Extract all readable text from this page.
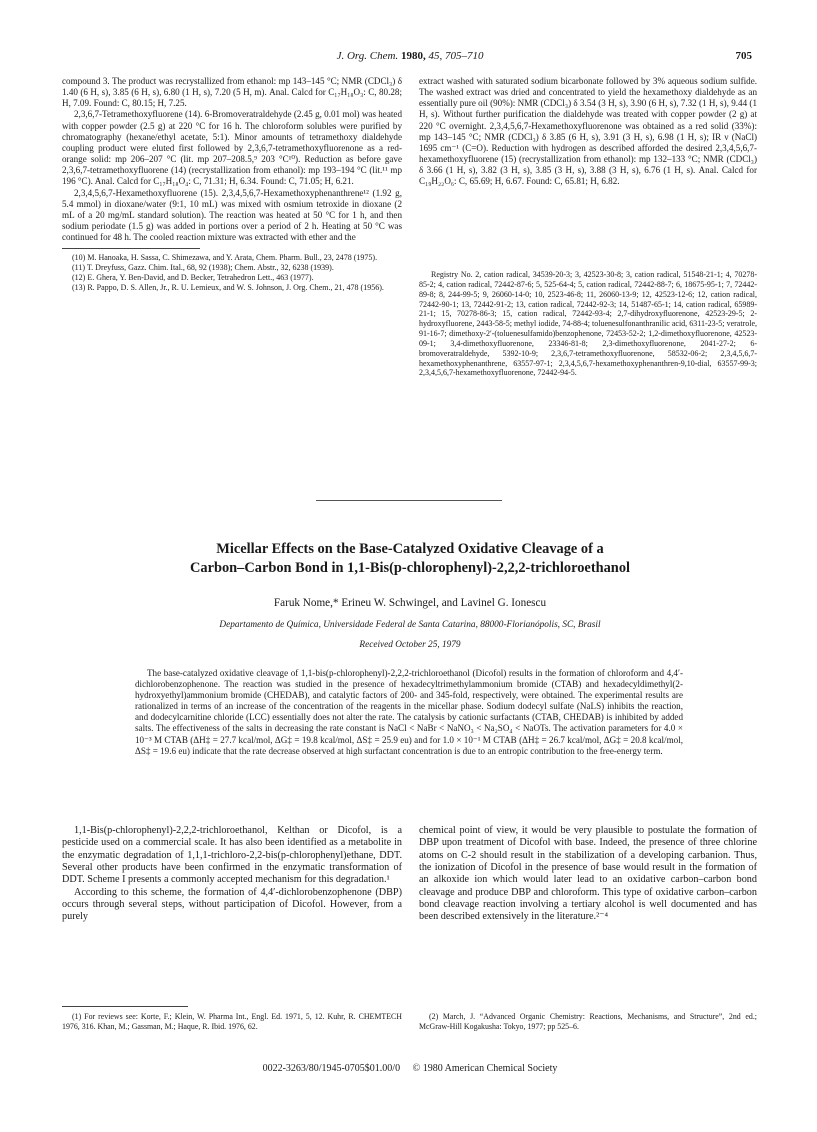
J. Org. Chem. 1980, 45, 705–710	705

compound 3. The product was recrystallized from ethanol: mp 143–145 °C; NMR (CDCl₃) δ 1.40 (6 H, s), 3.85 (6 H, s), 6.80 (1 H, s), 7.20 (5 H, m). Anal. Calcd for C₁₇H₁₈O₃: C, 80.28; H, 7.09. Found: C, 80.15; H, 7.25.

2,3,6,7-Tetramethoxyfluorene (14). 6-Bromoveratraldehyde (2.45 g, 0.01 mol) was heated with copper powder (2.5 g) at 220 °C for 16 h. The chloroform solubles were purified by chromatography (hexane/ethyl acetate, 5:1). Minor amounts of tetramethoxy dialdehyde coupling product were eluted first followed by 2,3,6,7-tetramethoxyfluorenone as a red-orange solid: mp 206–207 °C (lit. mp 207–208.5,⁹ 203 °C¹⁰). Reduction as before gave 2,3,6,7-tetramethoxyfluorene (14) (recrystallization from ethanol): mp 193–194 °C (lit.¹¹ mp 196 °C). Anal. Calcd for C₁₇H₁₈O₄: C, 71.31; H, 6.34. Found: C, 71.05; H, 6.21.

2,3,4,5,6,7-Hexamethoxyfluorene (15). 2,3,4,5,6,7-Hexamethoxyphenanthrene¹² (1.92 g, 5.4 mmol) in dioxane/water (9:1, 10 mL) was mixed with osmium tetroxide in dioxane (2 mL of a 20 mg/mL standard solution). The reaction was heated at 50 °C for 1 h, and then sodium periodate (1.5 g) was added in portions over a period of 2 h. Heating at 50 °C was continued for 48 h. The cooled reaction mixture was extracted with ether and the

(10) M. Hanoaka, H. Sassa, C. Shimezawa, and Y. Arata, Chem. Pharm. Bull., 23, 2478 (1975).
(11) T. Dreyfuss, Gazz. Chim. Ital., 68, 92 (1938); Chem. Abstr., 32, 6238 (1939).
(12) E. Ghera, Y. Ben-David, and D. Becker, Tetrahedron Lett., 463 (1977).
(13) R. Pappo, D. S. Allen, Jr., R. U. Lemieux, and W. S. Johnson, J. Org. Chem., 21, 478 (1956).

extract washed with saturated sodium bicarbonate followed by 3% aqueous sodium sulfide. The washed extract was dried and concentrated to yield the hexamethoxy dialdehyde as an essentially pure oil (90%): NMR (CDCl₃) δ 3.54 (3 H, s), 3.90 (6 H, s), 7.32 (1 H, s), 9.44 (1 H, s). Without further purification the dialdehyde was treated with copper powder (2 g) at 220 °C overnight. 2,3,4,5,6,7-Hexamethoxyfluorenone was obtained as a red solid (33%): mp 143–145 °C; NMR (CDCl₃) δ 3.85 (6 H, s), 3.91 (3 H, s), 6.98 (1 H, s); IR ν (NaCl) 1695 cm⁻¹ (C=O). Reduction with hydrogen as described afforded the desired 2,3,4,5,6,7-hexamethoxyfluorene (15) (recrystallization from ethanol): mp 132–133 °C; NMR (CDCl₃) δ 3.66 (1 H, s), 3.82 (3 H, s), 3.85 (3 H, s), 3.88 (3 H, s), 6.76 (1 H, s). Anal. Calcd for C₁₉H₂₂O₆: C, 65.69; H, 6.67. Found: C, 65.81; H, 6.82.

Registry No. 2, cation radical, 34539-20-3; 3, 42523-30-8; 3, cation radical, 51548-21-1; 4, 70278-85-2; 4, cation radical, 72442-87-6; 5, 525-64-4; 5, cation radical, 72442-88-7; 6, 18675-95-1; 7, 72442-89-8; 8, 244-99-5; 9, 26060-14-0; 10, 2523-46-8; 11, 26060-13-9; 12, 42523-12-6; 12, cation radical, 72442-90-1; 13, 72442-91-2; 13, cation radical, 72442-92-3; 14, 51487-65-1; 14, cation radical, 65989-21-1; 15, 70278-86-3; 15, cation radical, 72442-93-4; 2,7-dihydroxyfluorenone, 42523-29-5; 2-hydroxyfluorene, 2443-58-5; methyl iodide, 74-88-4; toluenesulfonanthranilic acid, 6311-23-5; veratrole, 91-16-7; dimethoxy-2′-(toluenesulfamido)benzophenone, 72453-52-2; 1,2-dimethoxyfluorenone, 42523-09-1; 3,4-dimethoxyfluorenone, 23346-81-8; 2,3-dimethoxyfluorenone, 2041-27-2; 6-bromoveratraldehyde, 5392-10-9; 2,3,6,7-tetramethoxyfluorenone, 58532-06-2; 2,3,4,5,6,7-hexamethoxyphenanthrene, 63557-97-1; 2,3,4,5,6,7-hexamethoxyphenanthren-9,10-dial, 63557-99-3; 2,3,4,5,6,7-hexamethoxyfluorenone, 72442-94-5.
Micellar Effects on the Base-Catalyzed Oxidative Cleavage of a
Carbon–Carbon Bond in 1,1-Bis(p-chlorophenyl)-2,2,2-trichloroethanol
Faruk Nome,* Erineu W. Schwingel, and Lavinel G. Ionescu
Departamento de Química, Universidade Federal de Santa Catarina, 88000-Florianópolis, SC, Brasil
Received October 25, 1979
The base-catalyzed oxidative cleavage of 1,1-bis(p-chlorophenyl)-2,2,2-trichloroethanol (Dicofol) results in the formation of chloroform and 4,4′-dichlorobenzophenone. The reaction was studied in the presence of hexadecyltrimethylammonium bromide (CTAB) and hexadecyldimethyl(2-hydroxyethyl)ammonium bromide (CHEDAB), and catalytic factors of 200- and 345-fold, respectively, were obtained. The experimental results are rationalized in terms of an increase of the concentration of the reagents in the micellar phase. Sodium dodecyl sulfate (NaLS) inhibits the reaction, and dodecylcarnitine chloride (LCC) essentially does not alter the rate. The catalysis by cationic surfactants (CTAB, CHEDAB) is inhibited by added salts. The effectiveness of the salts in decreasing the rate constant is NaCl < NaBr < NaNO₃ < Na₂SO₄ < NaOTs. The activation parameters for 4.0 × 10⁻³ M CTAB (ΔH‡ = 27.7 kcal/mol, ΔG‡ = 19.8 kcal/mol, ΔS‡ = 25.9 eu) and for 1.0 × 10⁻¹ M CTAB (ΔH‡ = 26.7 kcal/mol, ΔG‡ = 20.8 kcal/mol, ΔS‡ = 19.6 eu) indicate that the rate decrease observed at high surfactant concentration is due to an entropic contribution to the free-energy term.

1,1-Bis(p-chlorophenyl)-2,2,2-trichloroethanol, Kelthan or Dicofol, is a pesticide used on a commercial scale. It has also been identified as a metabolite in the enzymatic degradation of 1,1,1-trichloro-2,2-bis(p-chlorophenyl)ethane, DDT. Several other products have been confirmed in the enzymatic transformation of DDT. Scheme I presents a commonly accepted mechanism for this degradation.¹

According to this scheme, the formation of 4,4′-dichlorobenzophenone (DBP) occurs through several steps, without participation of Dicofol. However, from a purely

chemical point of view, it would be very plausible to postulate the formation of DBP upon treatment of Dicofol with base. Indeed, the presence of three chlorine atoms on C-2 should result in the stabilization of a developing carbanion. Thus, the ionization of Dicofol in the presence of base would result in the formation of an alkoxide ion which would later lead to an oxidative carbon–carbon bond cleavage and produce DBP and chloroform. This type of oxidative carbon–carbon bond cleavage reaction involving a tertiary alcohol is well documented and has been described extensively in the literature.²⁻⁴

(1) For reviews see: Korte, F.; Klein, W. Pharma Int., Engl. Ed. 1971, 5, 12. Kuhr, R. CHEMTECH 1976, 316. Khan, M.; Gassman, M.; Haque, R. Ibid. 1976, 62.
(2) March, J. “Advanced Organic Chemistry: Reactions, Mechanisms, and Structure”, 2nd ed.; McGraw-Hill Kogakusha: Tokyo, 1977; pp 525–6.
0022-3263/80/1945-0705$01.00/0 © 1980 American Chemical Society
